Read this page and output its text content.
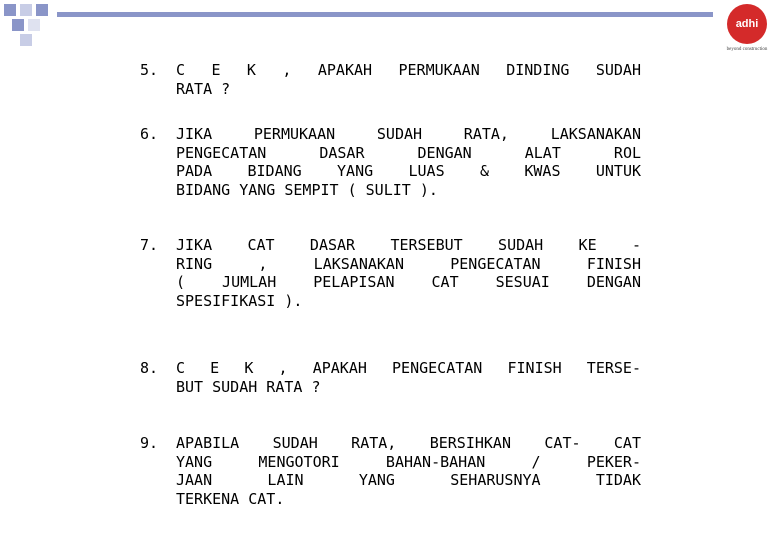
adhi
beyond construction
5.	C E K , APAKAH PERMUKAAN DINDING SUDAH
RATA ?
6.	JIKA PERMUKAAN SUDAH RATA, LAKSANAKAN
PENGECATAN DASAR DENGAN ALAT ROL
PADA BIDANG YANG LUAS & KWAS UNTUK
BIDANG YANG SEMPIT ( SULIT ).
7.	JIKA CAT DASAR TERSEBUT SUDAH KE -
RING , LAKSANAKAN PENGECATAN FINISH
( JUMLAH PELAPISAN CAT SESUAI DENGAN
SPESIFIKASI ).
8.	C E K , APAKAH PENGECATAN FINISH TERSE-
BUT SUDAH RATA ?
9.	APABILA SUDAH RATA, BERSIHKAN CAT- CAT
YANG MENGOTORI BAHAN-BAHAN / PEKER-
JAAN LAIN YANG SEHARUSNYA TIDAK
TERKENA CAT.
